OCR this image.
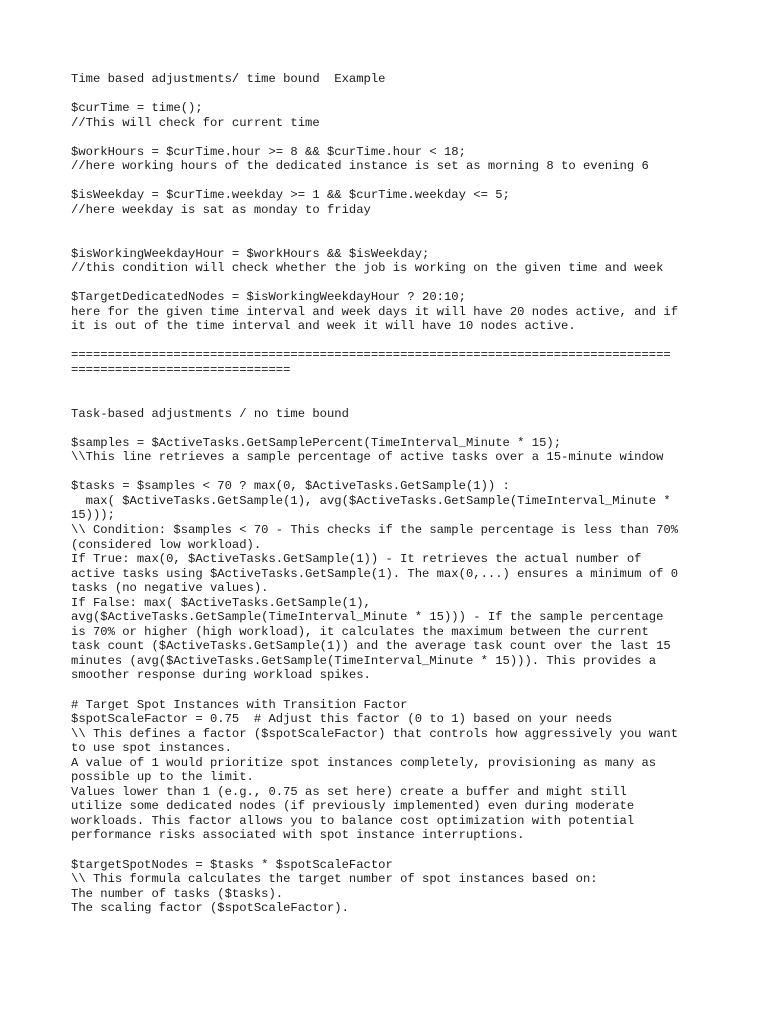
Time based adjustments/ time bound  Example
$curTime = time();
//This will check for current time
$workHours = $curTime.hour >= 8 && $curTime.hour < 18;
//here working hours of the dedicated instance is set as morning 8 to evening 6
$isWeekday = $curTime.weekday >= 1 && $curTime.weekday <= 5;
//here weekday is sat as monday to friday
$isWorkingWeekdayHour = $workHours && $isWeekday;
//this condition will check whether the job is working on the given time and week
$TargetDedicatedNodes = $isWorkingWeekdayHour ? 20:10;
here for the given time interval and week days it will have 20 nodes active, and if
it is out of the time interval and week it will have 10 nodes active.
==================================================================================
==============================
Task-based adjustments / no time bound
$samples = $ActiveTasks.GetSamplePercent(TimeInterval_Minute * 15);
\\This line retrieves a sample percentage of active tasks over a 15-minute window
$tasks = $samples < 70 ? max(0, $ActiveTasks.GetSample(1)) :
max( $ActiveTasks.GetSample(1), avg($ActiveTasks.GetSample(TimeInterval_Minute *
15)));
\\ Condition: $samples < 70 - This checks if the sample percentage is less than 70%
(considered low workload).
If True: max(0, $ActiveTasks.GetSample(1)) - It retrieves the actual number of
active tasks using $ActiveTasks.GetSample(1). The max(0,...) ensures a minimum of 0
tasks (no negative values).
If False: max( $ActiveTasks.GetSample(1),
avg($ActiveTasks.GetSample(TimeInterval_Minute * 15))) - If the sample percentage
is 70% or higher (high workload), it calculates the maximum between the current
task count ($ActiveTasks.GetSample(1)) and the average task count over the last 15
minutes (avg($ActiveTasks.GetSample(TimeInterval_Minute * 15))). This provides a
smoother response during workload spikes.
# Target Spot Instances with Transition Factor
$spotScaleFactor = 0.75  # Adjust this factor (0 to 1) based on your needs
\\ This defines a factor ($spotScaleFactor) that controls how aggressively you want
to use spot instances.
A value of 1 would prioritize spot instances completely, provisioning as many as
possible up to the limit.
Values lower than 1 (e.g., 0.75 as set here) create a buffer and might still
utilize some dedicated nodes (if previously implemented) even during moderate
workloads. This factor allows you to balance cost optimization with potential
performance risks associated with spot instance interruptions.
$targetSpotNodes = $tasks * $spotScaleFactor
\\ This formula calculates the target number of spot instances based on:
The number of tasks ($tasks).
The scaling factor ($spotScaleFactor).
